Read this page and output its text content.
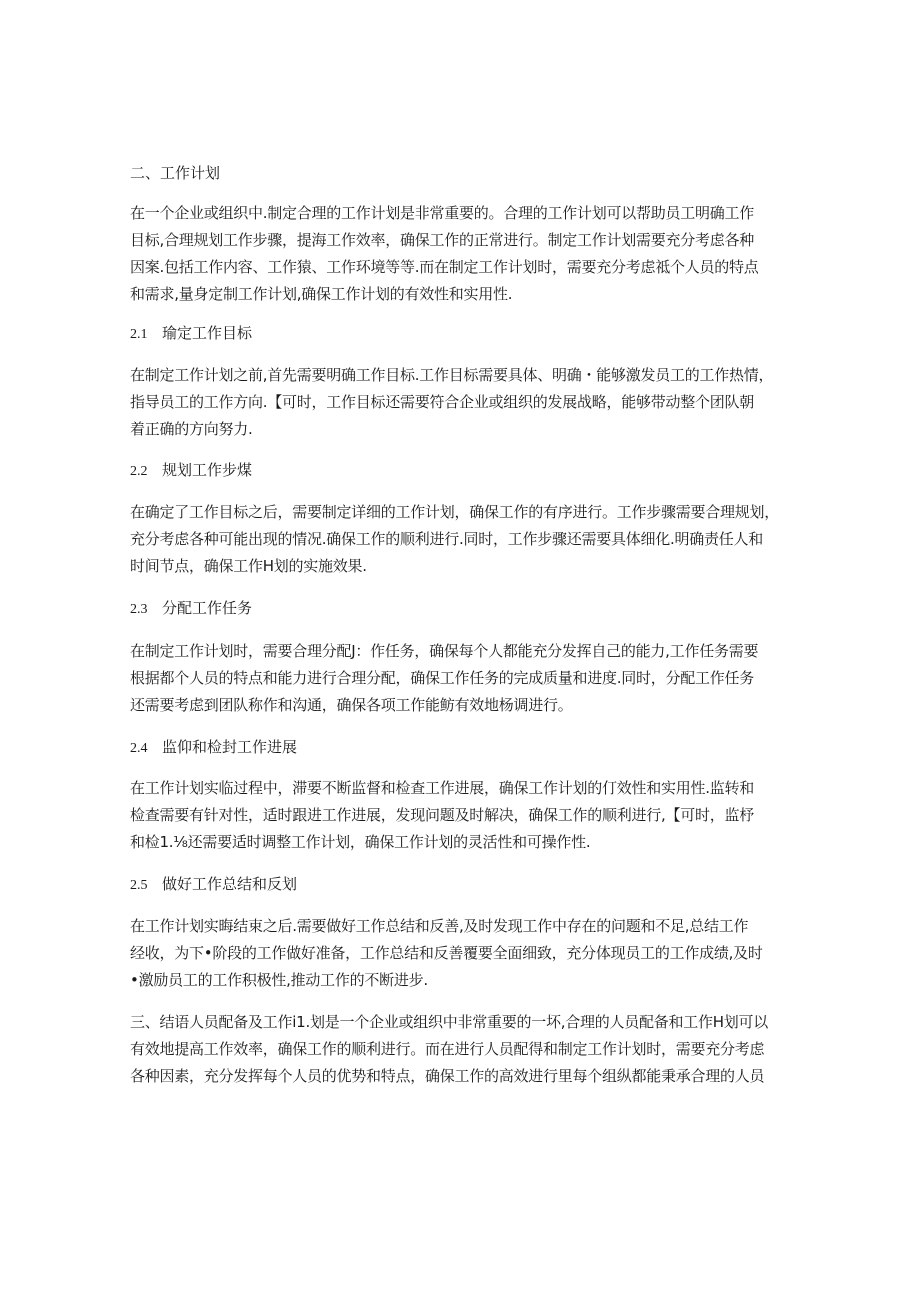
二、工作计划
在一个企业或组织中.制定合理的工作计划是非常重要的。合理的工作计划可以帮助员工明确工作
目标,合理规划工作步骤，提海工作效率，确保工作的正常进行。制定工作计划需要充分考虑各种
因案.包括工作内容、工作猿、工作环境等等.而在制定工作计划时，需要充分考虑祗个人员的特点
和需求,量身定制工作计划,确保工作计划的有效性和实用性.
2.1 瑜定工作目标
在制定工作计划之前,首先需要明确工作目标.工作目标需要具体、明确・能够激发员工的工作热情，
指导员工的工作方向.【可时，工作目标还需要符合企业或组织的发展战略，能够带动整个团队朝
着正确的方向努力.
2.2 规划工作步煤
在确定了工作目标之后，需要制定详细的工作计划，确保工作的有序进行。工作步骤需要合理规划，
充分考虑各种可能出现的情况.确保工作的顺利进行.同时，工作步骤还需要具体细化.明确责任人和
时间节点，确保工作H划的实施效果.
2.3 分配工作任务
在制定工作计划时，需要合理分配J：作任务，确保每个人都能充分发挥自己的能力,工作任务需要
根据都个人员的特点和能力进行合理分配，确保工作任务的完成质量和进度.同时，分配工作任务
还需要考虑到团队称作和沟通，确保各项工作能鲂有效地杨调进行。
2.4 监仰和检封工作进展
在工作计划实临过程中，滞要不断监督和检查工作进展，确保工作计划的仃效性和实用性.监转和
检查需要有针对性，适时跟进工作进展，发现问题及时解决，确保工作的顺利进行,【可时，监杼
和检1.⅛还需要适时调整工作计划，确保工作计划的灵活性和可操作性.
2.5 做好工作总结和反划
在工作计划实晦结束之后.需要做好工作总结和反善,及时发现工作中存在的问题和不足,总结工作
经收，为下•阶段的工作做好准备，工作总结和反善覆要全面细致，充分体现员工的工作成绩,及时
•激励员工的工作积极性,推动工作的不断进步.
三、结语人员配备及工作i1.划是一个企业或组织中非常重要的一坏,合理的人员配备和工作H划可以
有效地提高工作效率，确保工作的顺利进行。而在进行人员配得和制定工作计划时，需要充分考虑
各种因素，充分发挥每个人员的优势和特点，确保工作的高效进行里每个组纵都能秉承合理的人员
